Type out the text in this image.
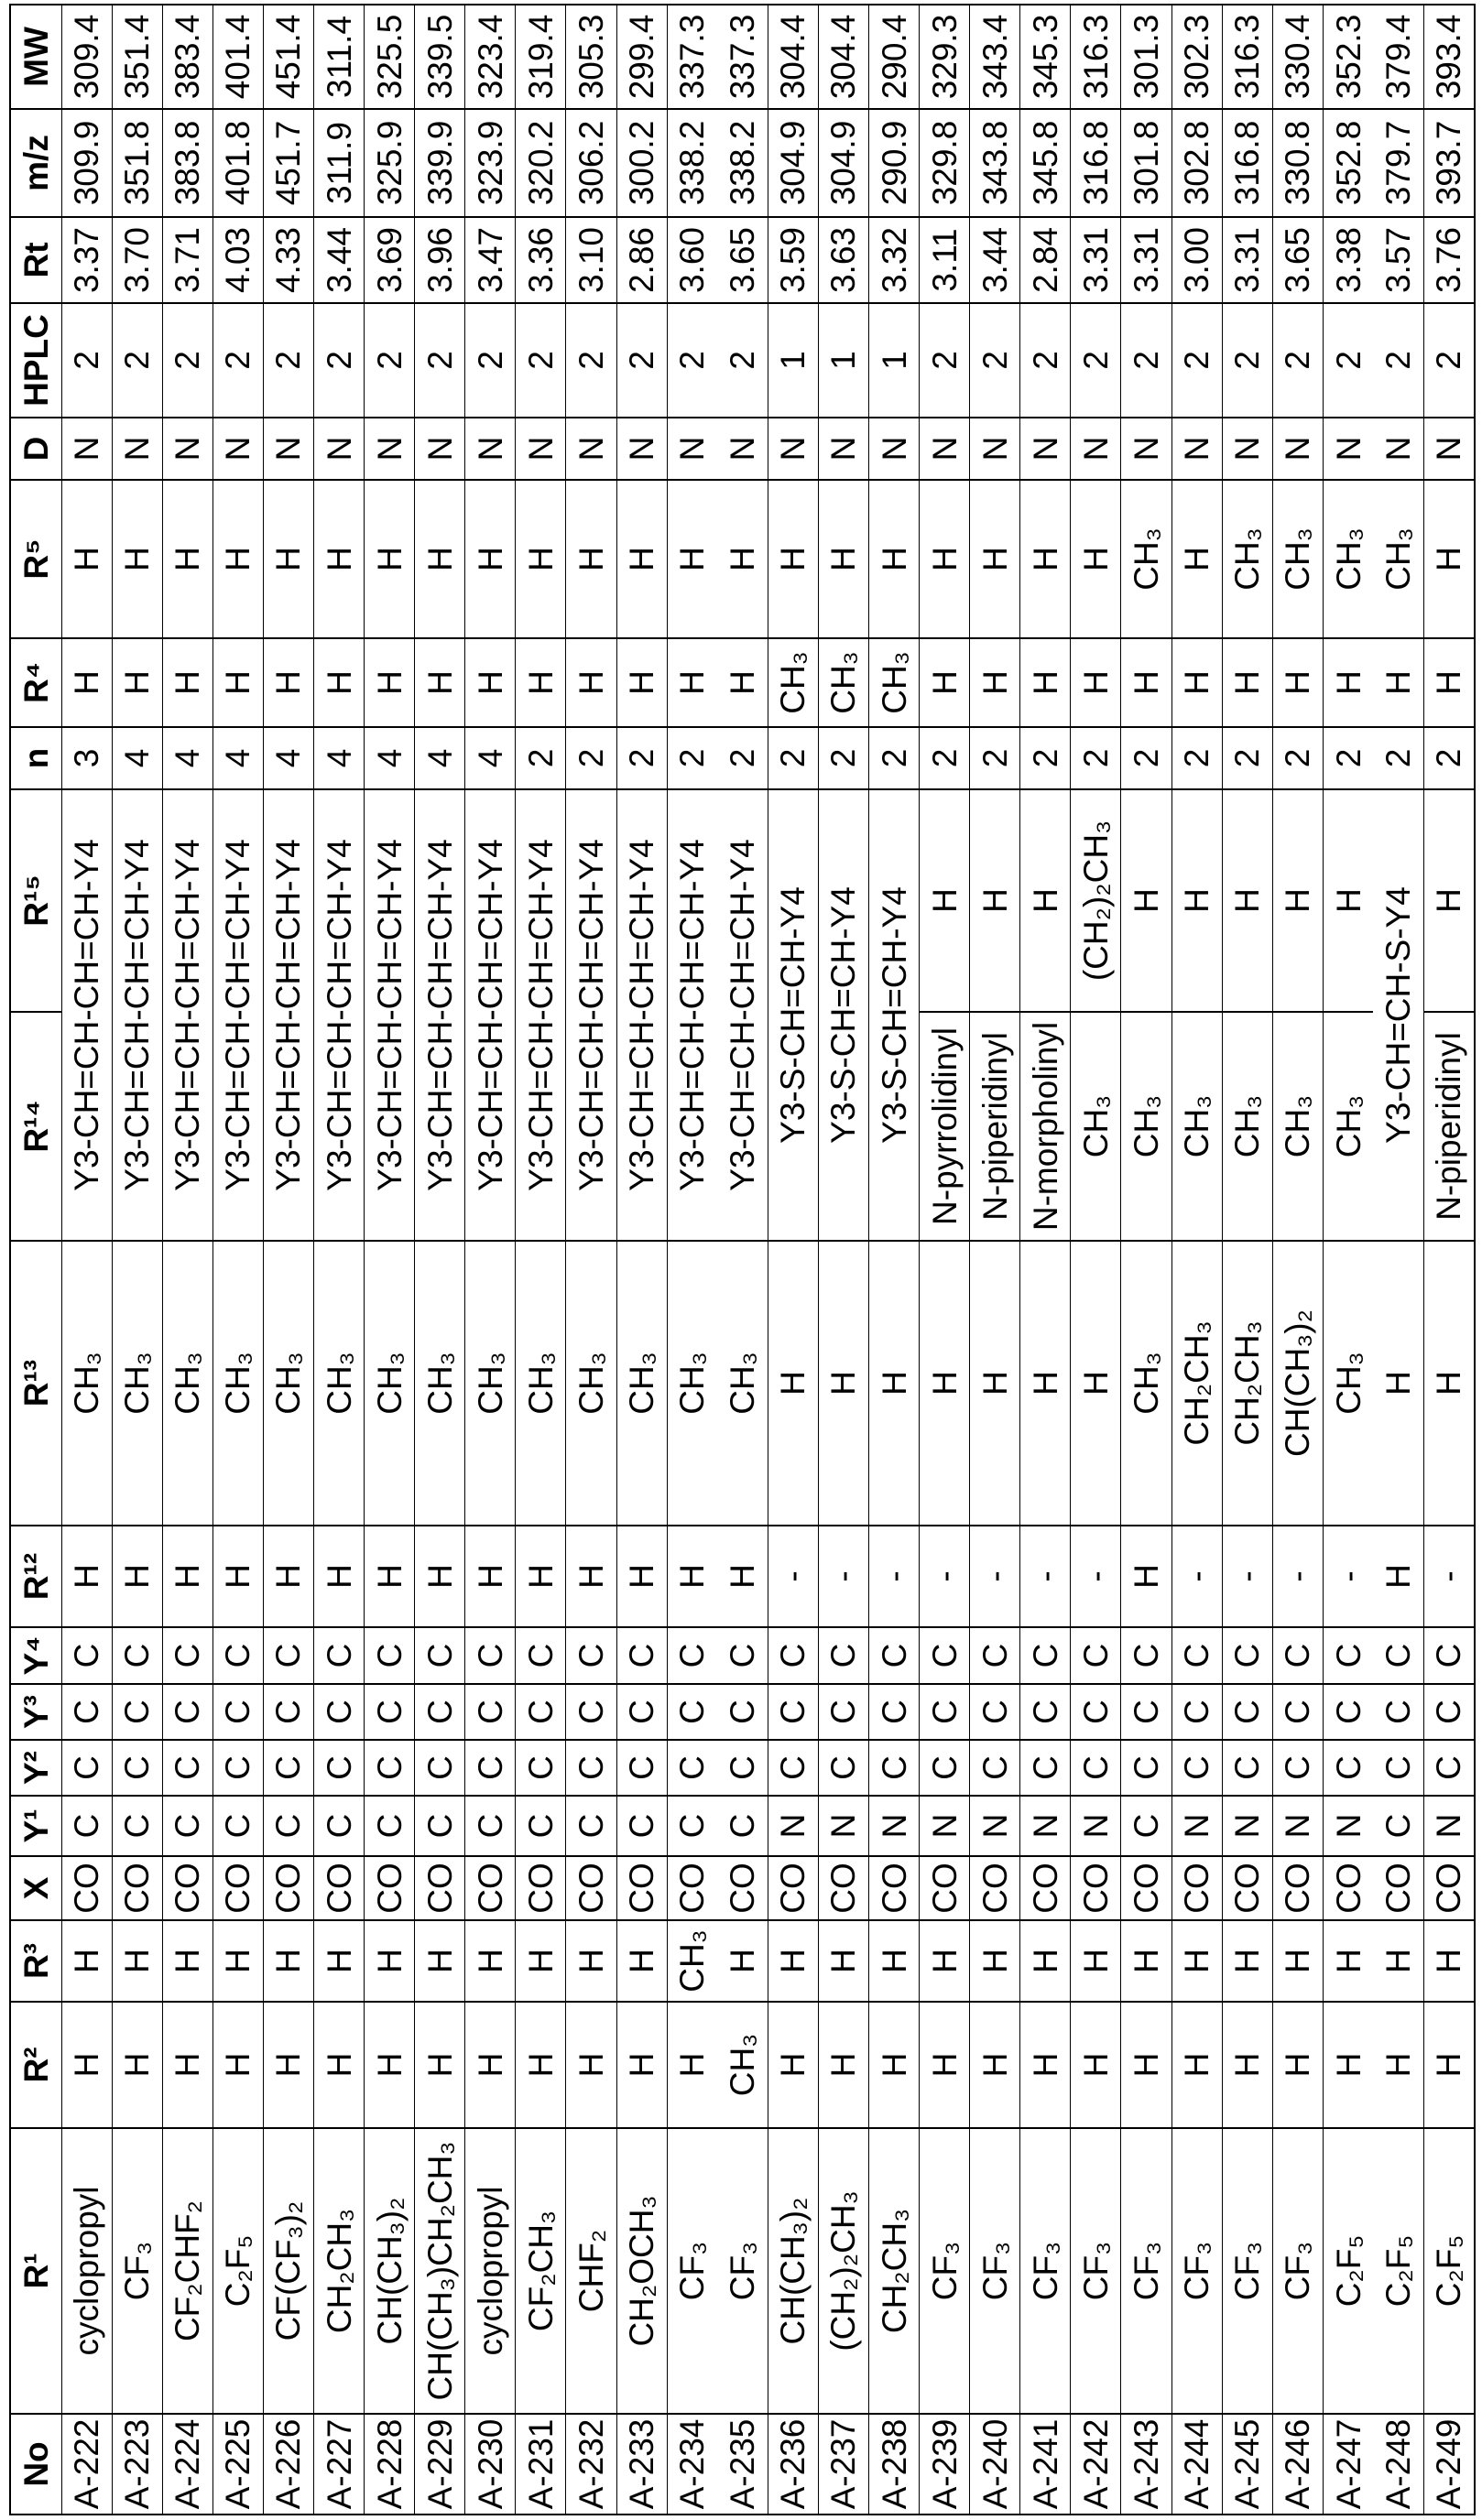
No	R¹	R²	R³	X	Y¹	Y²	Y³	Y⁴	R¹²	R¹³	R¹⁴	R¹⁵	n	R⁴	R⁵	D	HPLC	Rt	m/z	MW
A-222	cyclopropyl	H	H	CO	C	C	C	C	H	CH₃	Y3-CH=CH-CH=CH-Y4		3	H	H	N	2	3.37	309.9	309.4
A-223	CF₃	H	H	CO	C	C	C	C	H	CH₃	Y3-CH=CH-CH=CH-Y4		4	H	H	N	2	3.70	351.8	351.4
A-224	CF₂CHF₂	H	H	CO	C	C	C	C	H	CH₃	Y3-CH=CH-CH=CH-Y4		4	H	H	N	2	3.71	383.8	383.4
A-225	C₂F₅	H	H	CO	C	C	C	C	H	CH₃	Y3-CH=CH-CH=CH-Y4		4	H	H	N	2	4.03	401.8	401.4
A-226	CF(CF₃)₂	H	H	CO	C	C	C	C	H	CH₃	Y3-CH=CH-CH=CH-Y4		4	H	H	N	2	4.33	451.7	451.4
A-227	CH₂CH₃	H	H	CO	C	C	C	C	H	CH₃	Y3-CH=CH-CH=CH-Y4		4	H	H	N	2	3.44	311.9	311.4
A-228	CH(CH₃)₂	H	H	CO	C	C	C	C	H	CH₃	Y3-CH=CH-CH=CH-Y4		4	H	H	N	2	3.69	325.9	325.5
A-229	CH(CH₃)CH₂CH₃	H	H	CO	C	C	C	C	H	CH₃	Y3-CH=CH-CH=CH-Y4		4	H	H	N	2	3.96	339.9	339.5
A-230	cyclopropyl	H	H	CO	C	C	C	C	H	CH₃	Y3-CH=CH-CH=CH-Y4		4	H	H	N	2	3.47	323.9	323.4
A-231	CF₂CH₃	H	H	CO	C	C	C	C	H	CH₃	Y3-CH=CH-CH=CH-Y4		2	H	H	N	2	3.36	320.2	319.4
A-232	CHF₂	H	H	CO	C	C	C	C	H	CH₃	Y3-CH=CH-CH=CH-Y4		2	H	H	N	2	3.10	306.2	305.3
A-233	CH₂OCH₃	H	H	CO	C	C	C	C	H	CH₃	Y3-CH=CH-CH=CH-Y4		2	H	H	N	2	2.86	300.2	299.4
A-234	CF₃	H	CH₃	CO	C	C	C	C	H	CH₃	Y3-CH=CH-CH=CH-Y4		2	H	H	N	2	3.60	338.2	337.3
A-235	CF₃	CH₃	H	CO	C	C	C	C	H	CH₃	Y3-CH=CH-CH=CH-Y4		2	H	H	N	2	3.65	338.2	337.3
A-236	CH(CH₃)₂	H	H	CO	N	C	C	C	-	H	Y3-S-CH=CH-Y4		2	CH₃	H	N	1	3.59	304.9	304.4
A-237	(CH₂)₂CH₃	H	H	CO	N	C	C	C	-	H	Y3-S-CH=CH-Y4		2	CH₃	H	N	1	3.63	304.9	304.4
A-238	CH₂CH₃	H	H	CO	N	C	C	C	-	H	Y3-S-CH=CH-Y4		2	CH₃	H	N	1	3.32	290.9	290.4
A-239	CF₃	H	H	CO	N	C	C	C	-	H	N-pyrrolidinyl	H	2	H	H	N	2	3.11	329.8	329.3
A-240	CF₃	H	H	CO	N	C	C	C	-	H	N-piperidinyl	H	2	H	H	N	2	3.44	343.8	343.4
A-241	CF₃	H	H	CO	N	C	C	C	-	H	N-morpholinyl	H	2	H	H	N	2	2.84	345.8	345.3
A-242	CF₃	H	H	CO	N	C	C	C	-	H	CH₃	(CH₂)₂CH₃	2	H	H	N	2	3.31	316.8	316.3
A-243	CF₃	H	H	CO	C	C	C	C	H	CH₃	CH₃	H	2	H	CH₃	N	2	3.31	301.8	301.3
A-244	CF₃	H	H	CO	N	C	C	C	-	CH₂CH₃	CH₃	H	2	H	H	N	2	3.00	302.8	302.3
A-245	CF₃	H	H	CO	N	C	C	C	-	CH₂CH₃	CH₃	H	2	H	CH₃	N	2	3.31	316.8	316.3
A-246	CF₃	H	H	CO	N	C	C	C	-	CH(CH₃)₂	CH₃	H	2	H	CH₃	N	2	3.65	330.8	330.4
A-247	C₂F₅	H	H	CO	N	C	C	C	-	CH₃	CH₃	H	2	H	CH₃	N	2	3.38	352.8	352.3
A-248	C₂F₅	H	H	CO	C	C	C	C	H	H	Y3-CH=CH-S-Y4		2	H	CH₃	N	2	3.57	379.7	379.4
A-249	C₂F₅	H	H	CO	N	C	C	C	-	H	N-piperidinyl	H	2	H	H	N	2	3.76	393.7	393.4
